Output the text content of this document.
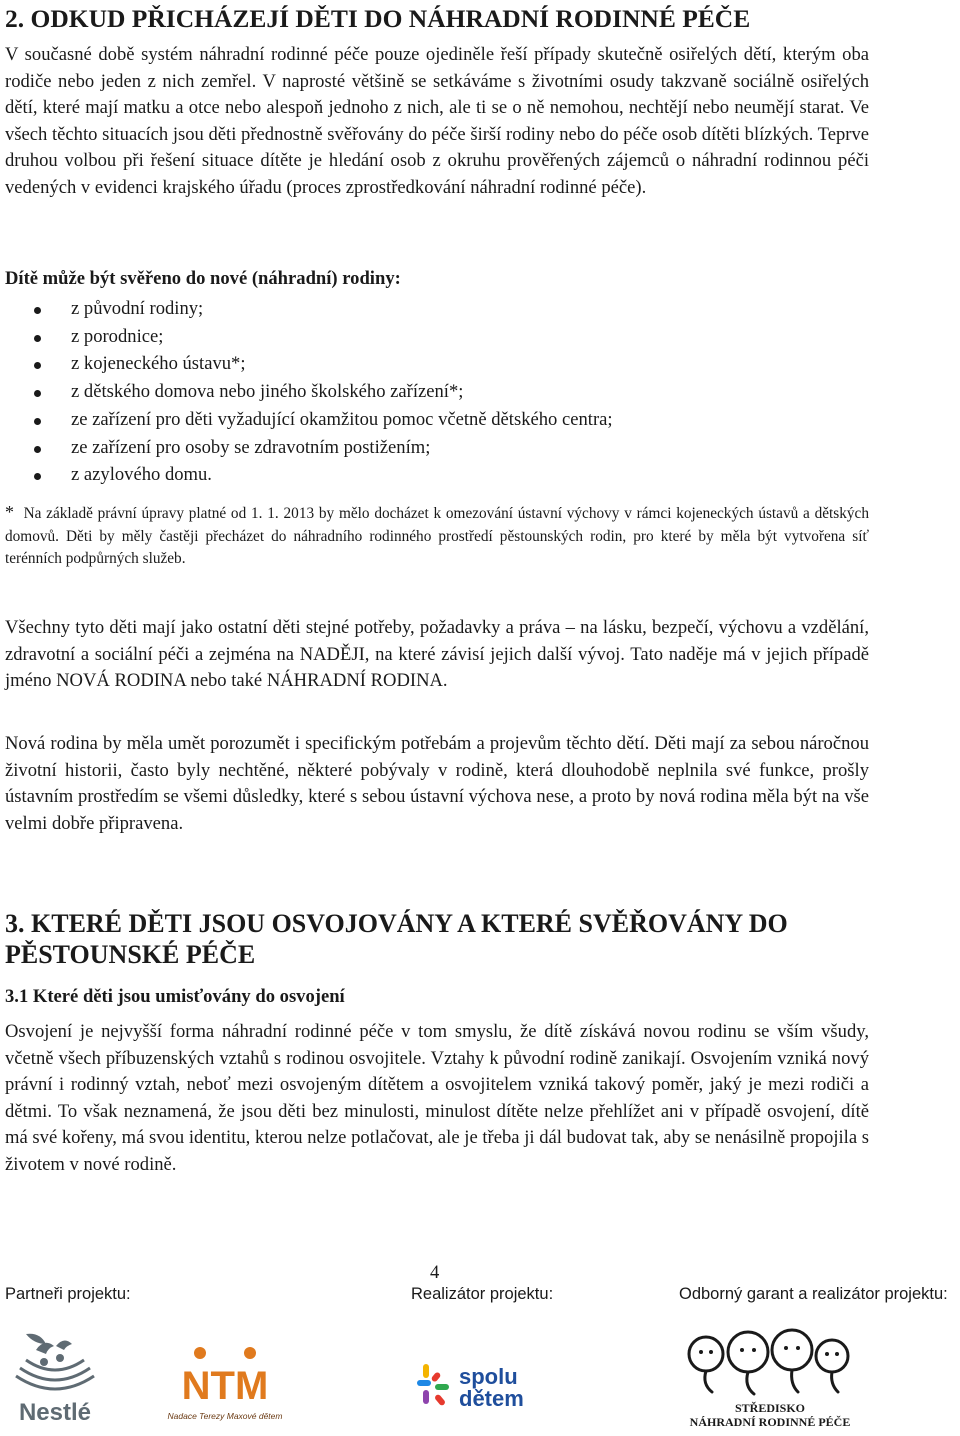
2. ODKUD PŘICHÁZEJÍ DĚTI DO NÁHRADNÍ RODINNÉ PÉČE

V současné době systém náhradní rodinné péče pouze ojediněle řeší případy skutečně osiřelých dětí, kterým oba rodiče nebo jeden z nich zemřel. V naprosté většině se setkáváme s životními osudy takzvaně sociálně osiřelých dětí, které mají matku a otce nebo alespoň jednoho z nich, ale ti se o ně nemohou, nechtějí nebo neumějí starat. Ve všech těchto situacích jsou děti přednostně svěřovány do péče širší rodiny nebo do péče osob dítěti blízkých. Teprve druhou volbou při řešení situace dítěte je hledání osob z okruhu prověřených zájemců o náhradní rodinnou péči vedených v evidenci krajského úřadu (proces zprostředkování náhradní rodinné péče).

Dítě může být svěřeno do nové (náhradní) rodiny:
z původní rodiny;
z porodnice;
z kojeneckého ústavu*;
z dětského domova nebo jiného školského zařízení*;
ze zařízení pro děti vyžadující okamžitou pomoc včetně dětského centra;
ze zařízení pro osoby se zdravotním postižením;
z azylového domu.

* Na základě právní úpravy platné od 1. 1. 2013 by mělo docházet k omezování ústavní výchovy v rámci kojeneckých ústavů a dětských domovů. Děti by měly častěji přecházet do náhradního rodinného prostředí pěstounských rodin, pro které by měla být vytvořena síť terénních podpůrných služeb.

Všechny tyto děti mají jako ostatní děti stejné potřeby, požadavky a práva – na lásku, bezpečí, výchovu a vzdělání, zdravotní a sociální péči a zejména na NADĚJI, na které závisí jejich další vývoj. Tato naděje má v jejich případě jméno NOVÁ RODINA nebo také NÁHRADNÍ RODINA.

Nová rodina by měla umět porozumět i specifickým potřebám a projevům těchto dětí. Děti mají za sebou náročnou životní historii, často byly nechtěné, některé pobývaly v rodině, která dlouhodobě neplnila své funkce, prošly ústavním prostředím se všemi důsledky, které s sebou ústavní výchova nese, a proto by nová rodina měla být na vše velmi dobře připravena.

3. KTERÉ DĚTI JSOU OSVOJOVÁNY A KTERÉ SVĚŘOVÁNY DO PĚSTOUNSKÉ PÉČE
3.1 Které děti jsou umisťovány do osvojení

Osvojení je nejvyšší forma náhradní rodinné péče v tom smyslu, že dítě získává novou rodinu se vším všudy, včetně všech příbuzenských vztahů s rodinou osvojitele. Vztahy k původní rodině zanikají. Osvojením vzniká nový právní i rodinný vztah, neboť mezi osvojeným dítětem a osvojitelem vzniká takový poměr, jaký je mezi rodiči a dětmi. To však neznamená, že jsou děti bez minulosti, minulost dítěte nelze přehlížet ani v případě osvojení, dítě má své kořeny, má svou identitu, kterou nelze potlačovat, ale je třeba ji dál budovat tak, aby se nenásilně propojila s životem v nové rodině.

4
Partneři projektu:	Realizátor projektu:	Odborný garant a realizátor projektu:
Nestlé
NTM
Nadace Terezy Maxové dětem
spolu
dětem	STŘEDISKO
NÁHRADNÍ RODINNÉ PÉČE
